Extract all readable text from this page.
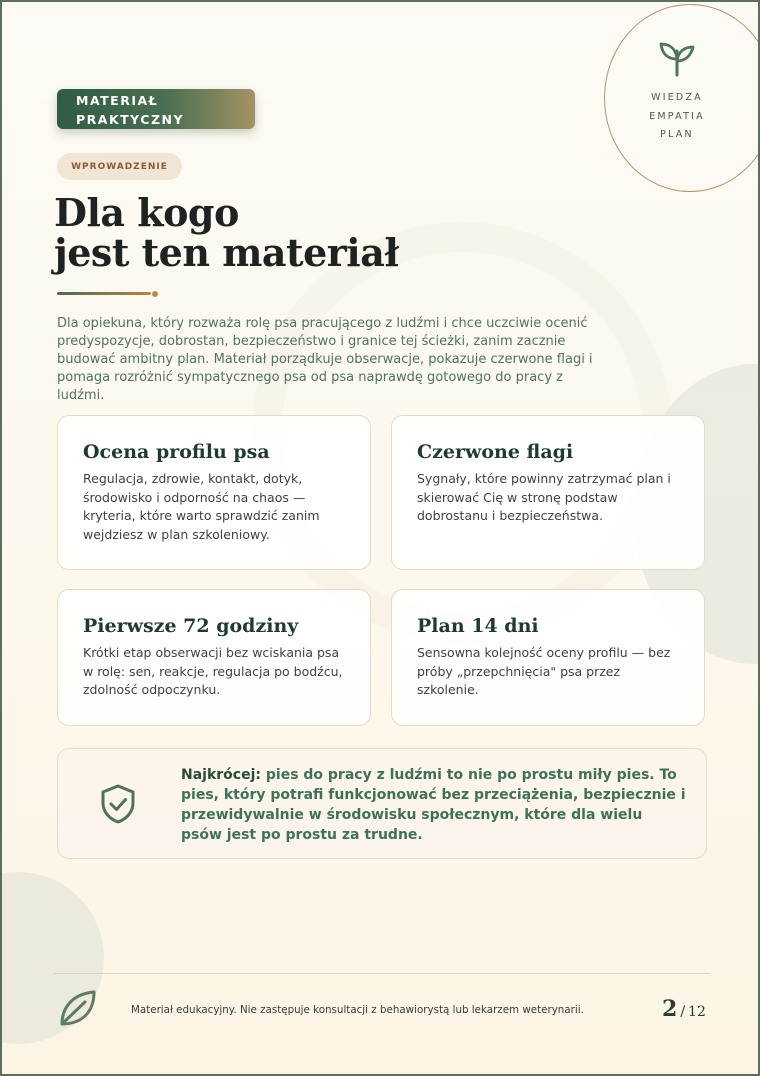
WIEDZA
EMPATIA
PLAN
MATERIAŁ
PRAKTYCZNY
WPROWADZENIE
Dla kogo
jest ten materiał

Dla opiekuna, który rozważa rolę psa pracującego z ludźmi i chce uczciwie ocenić predyspozycje, dobrostan, bezpieczeństwo i granice tej ścieżki, zanim zacznie budować ambitny plan. Materiał porządkuje obserwacje, pokazuje czerwone flagi i pomaga rozróżnić sympatycznego psa od psa naprawdę gotowego do pracy z ludźmi.

Ocena profilu psa

Regulacja, zdrowie, kontakt, dotyk, środowisko i odporność na chaos — kryteria, które warto sprawdzić zanim wejdziesz w plan szkoleniowy.

Czerwone flagi

Sygnały, które powinny zatrzymać plan i skierować Cię w stronę podstaw dobrostanu i bezpieczeństwa.

Pierwsze 72 godziny

Krótki etap obserwacji bez wciskania psa w rolę: sen, reakcje, regulacja po bodźcu, zdolność odpoczynku.

Plan 14 dni

Sensowna kolejność oceny profilu — bez próby „przepchnięcia" psa przez szkolenie.

Najkrócej: pies do pracy z ludźmi to nie po prostu miły pies. To pies, który potrafi funkcjonować bez przeciążenia, bezpiecznie i przewidywalnie w środowisku społecznym, które dla wielu psów jest po prostu za trudne.

Materiał edukacyjny. Nie zastępuje konsultacji z behawiorystą lub lekarzem weterynarii.	2 / 12
